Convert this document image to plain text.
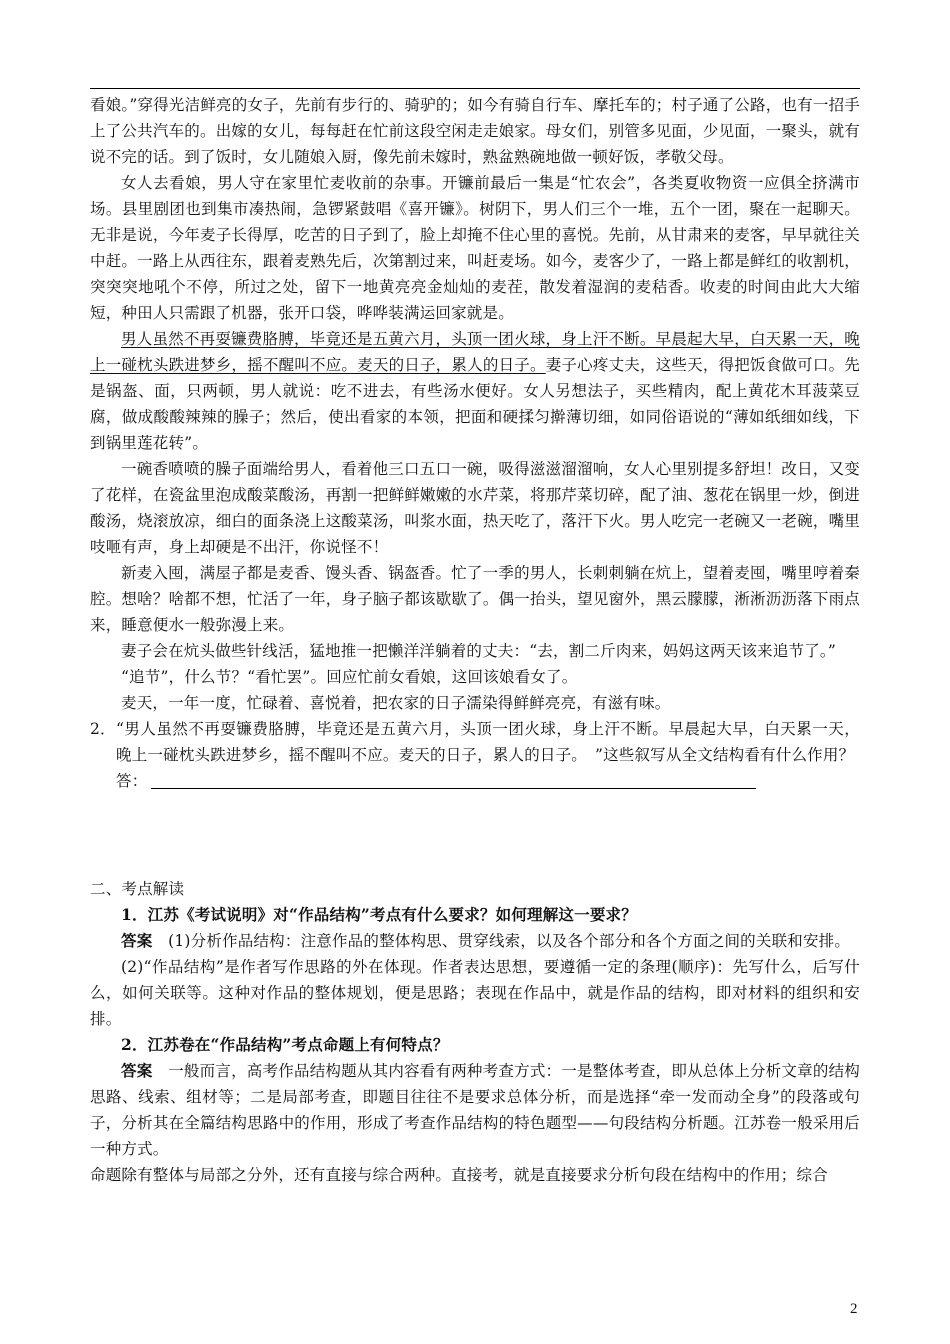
看娘。”穿得光洁鲜亮的女子，先前有步行的、骑驴的；如今有骑自行车、摩托车的；村子通了公路，也有一招手上了公共汽车的。出嫁的女儿，每每赶在忙前这段空闲走走娘家。母女们，别管多见面，少见面，一聚头，就有说不完的话。到了饭时，女儿随娘入厨，像先前未嫁时，熟盆熟碗地做一顿好饭，孝敬父母。

女人去看娘，男人守在家里忙麦收前的杂事。开镰前最后一集是“忙农会”，各类夏收物资一应俱全挤满市场。县里剧团也到集市凑热闹，急锣紧鼓唱《喜开镰》。树阴下，男人们三个一堆，五个一团，聚在一起聊天。无非是说，今年麦子长得厚，吃苦的日子到了，脸上却掩不住心里的喜悦。先前，从甘肃来的麦客，早早就往关中赶。一路上从西往东，跟着麦熟先后，次第割过来，叫赶麦场。如今，麦客少了，一路上都是鲜红的收割机，突突突地吼个不停，所过之处，留下一地黄亮亮金灿灿的麦茬，散发着湿润的麦秸香。收麦的时间由此大大缩短，种田人只需跟了机器，张开口袋，哗哗装满运回家就是。

男人虽然不再耍镰费胳膊，毕竟还是五黄六月，头顶一团火球，身上汗不断。早晨起大早，白天累一天，晚上一碰枕头跌进梦乡，摇不醒叫不应。麦天的日子，累人的日子。妻子心疼丈夫，这些天，得把饭食做可口。先是锅盔、面，只两顿，男人就说：吃不进去，有些汤水便好。女人另想法子，买些精肉，配上黄花木耳菠菜豆腐，做成酸酸辣辣的臊子；然后，使出看家的本领，把面和硬揉匀擀薄切细，如同俗语说的“薄如纸细如线，下到锅里莲花转”。

一碗香喷喷的臊子面端给男人，看着他三口五口一碗，吸得滋滋溜溜响，女人心里别提多舒坦！改日，又变了花样，在瓷盆里泡成酸菜酸汤，再割一把鲜鲜嫩嫩的水芹菜，将那芹菜切碎，配了油、葱花在锅里一炒，倒进酸汤，烧滚放凉，细白的面条浇上这酸菜汤，叫浆水面，热天吃了，落汗下火。男人吃完一老碗又一老碗，嘴里吱咂有声，身上却硬是不出汗，你说怪不！

新麦入囤，满屋子都是麦香、馒头香、锅盔香。忙了一季的男人，长刺刺躺在炕上，望着麦囤，嘴里哼着秦腔。想啥？啥都不想，忙活了一年，身子脑子都该歇歇了。偶一抬头，望见窗外，黑云朦朦，淅淅沥沥落下雨点来，睡意便水一般弥漫上来。

妻子会在炕头做些针线活，猛地推一把懒洋洋躺着的丈夫：“去，割二斤肉来，妈妈这两天该来追节了。”

“追节”，什么节？“看忙罢”。回应忙前女看娘，这回该娘看女了。

麦天，一年一度，忙碌着、喜悦着，把农家的日子濡染得鲜鲜亮亮，有滋有味。

2． “男人虽然不再耍镰费胳膊，毕竟还是五黄六月，头顶一团火球，身上汗不断。早晨起大早，白天累一天，晚上一碰枕头跌进梦乡，摇不醒叫不应。麦天的日子，累人的日子。　”这些叙写从全文结构看有什么作用？

答：

二、考点解读

1．江苏《考试说明》对“作品结构”考点有什么要求？如何理解这一要求？

答案　 (1)分析作品结构：注意作品的整体构思、贯穿线索，以及各个部分和各个方面之间的关联和安排。

(2)“作品结构”是作者写作思路的外在体现。作者表达思想，要遵循一定的条理(顺序)：先写什么，后写什么，如何关联等。这种对作品的整体规划，便是思路；表现在作品中，就是作品的结构，即对材料的组织和安排。

2．江苏卷在“作品结构”考点命题上有何特点？

答案　 一般而言，高考作品结构题从其内容看有两种考查方式：一是整体考查，即从总体上分析文章的结构思路、线索、组材等；二是局部考查，即题目往往不是要求总体分析，而是选择“牵一发而动全身”的段落或句子，分析其在全篇结构思路中的作用，形成了考查作品结构的特色题型——句段结构分析题。江苏卷一般采用后一种方式。

命题除有整体与局部之分外，还有直接与综合两种。直接考，就是直接要求分析句段在结构中的作用；综合

2
